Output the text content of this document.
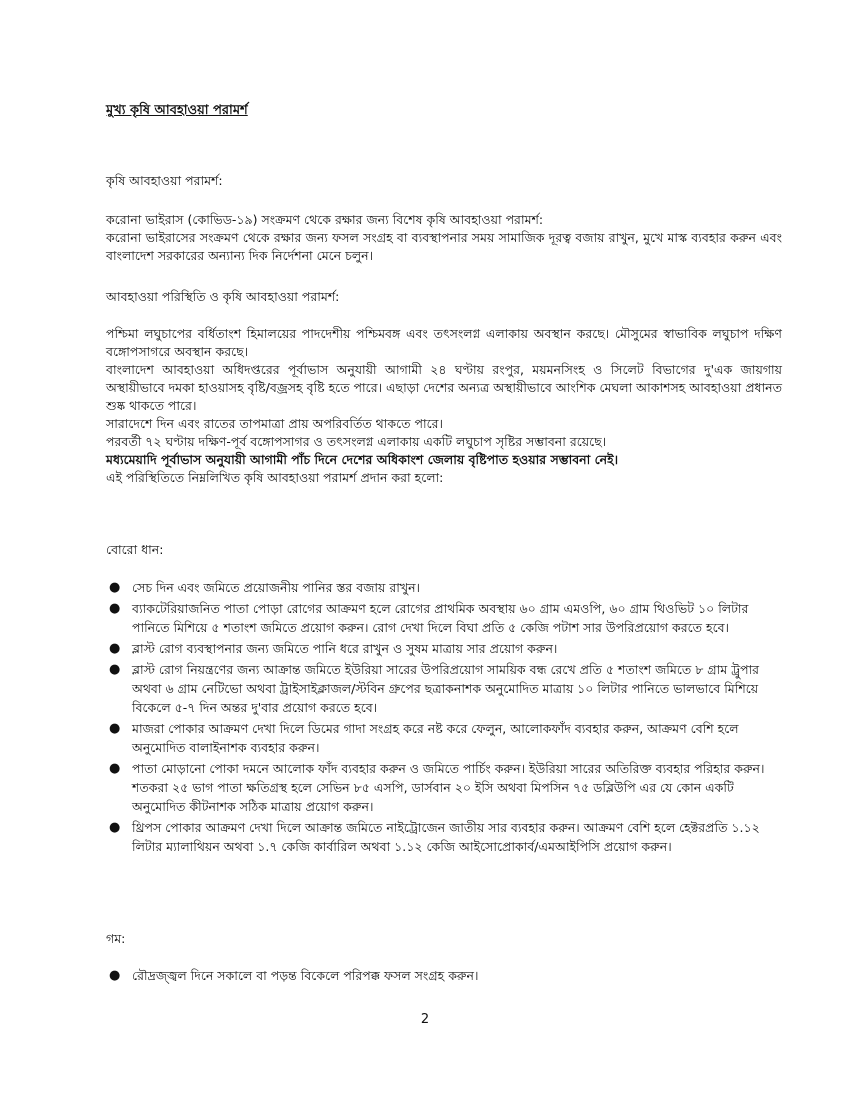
মুখ্য কৃষি আবহাওয়া পরামর্শ
কৃষি আবহাওয়া পরামর্শ:
করোনা ভাইরাস (কোভিড-১৯) সংক্রমণ থেকে রক্ষার জন্য বিশেষ কৃষি আবহাওয়া পরামর্শ:
করোনা ভাইরাসের সংক্রমণ থেকে রক্ষার জন্য ফসল সংগ্রহ বা ব্যবস্থাপনার সময় সামাজিক দূরত্ব বজায় রাখুন, মুখে মাস্ক ব্যবহার করুন এবং বাংলাদেশ সরকারের অন্যান্য দিক নির্দেশনা মেনে চলুন।
আবহাওয়া পরিস্থিতি ও কৃষি আবহাওয়া পরামর্শ:
পশ্চিমা লঘুচাপের বর্ধিতাংশ হিমালয়ের পাদদেশীয় পশ্চিমবঙ্গ এবং তৎসংলগ্ন এলাকায় অবস্থান করছে। মৌসুমের স্বাভাবিক লঘুচাপ দক্ষিণ বঙ্গোপসাগরে অবস্থান করছে।
বাংলাদেশ আবহাওয়া অধিদপ্তরের পূর্বাভাস অনুযায়ী আগামী ২৪ ঘণ্টায় রংপুর, ময়মনসিংহ ও সিলেট বিভাগের দু'এক জায়গায় অস্থায়ীভাবে দমকা হাওয়াসহ বৃষ্টি/বজ্রসহ বৃষ্টি হতে পারে। এছাড়া দেশের অন্যত্র অস্থায়ীভাবে আংশিক মেঘলা আকাশসহ আবহাওয়া প্রধানত শুষ্ক থাকতে পারে।
সারাদেশে দিন এবং রাতের তাপমাত্রা প্রায় অপরিবর্তিত থাকতে পারে।
পরবর্তী ৭২ ঘণ্টায় দক্ষিণ-পূর্ব বঙ্গোপসাগর ও তৎসংলগ্ন এলাকায় একটি লঘুচাপ সৃষ্টির সম্ভাবনা রয়েছে।
মধ্যমেয়াদি পূর্বাভাস অনুযায়ী আগামী পাঁচ দিনে দেশের অধিকাংশ জেলায় বৃষ্টিপাত হওয়ার সম্ভাবনা নেই।
এই পরিস্থিতিতে নিম্নলিখিত কৃষি আবহাওয়া পরামর্শ প্রদান করা হলো:
বোরো ধান:
● সেচ দিন এবং জমিতে প্রয়োজনীয় পানির স্তর বজায় রাখুন।
● ব্যাকটেরিয়াজনিত পাতা পোড়া রোগের আক্রমণ হলে রোগের প্রাথমিক অবস্থায় ৬০ গ্রাম এমওপি, ৬০ গ্রাম থিওভিট ১০ লিটার পানিতে মিশিয়ে ৫ শতাংশ জমিতে প্রয়োগ করুন। রোগ দেখা দিলে বিঘা প্রতি ৫ কেজি পটাশ সার উপরিপ্রয়োগ করতে হবে।
● ব্লাস্ট রোগ ব্যবস্থাপনার জন্য জমিতে পানি ধরে রাখুন ও সুষম মাত্রায় সার প্রয়োগ করুন।
● ব্লাস্ট রোগ নিয়ন্ত্রণের জন্য আক্রান্ত জমিতে ইউরিয়া সারের উপরিপ্রয়োগ সাময়িক বন্ধ রেখে প্রতি ৫ শতাংশ জমিতে ৮ গ্রাম ট্রুপার অথবা ৬ গ্রাম নেটিভো অথবা ট্রাইসাইক্লাজল/স্টবিন গ্রুপের ছত্রাকনাশক অনুমোদিত মাত্রায় ১০ লিটার পানিতে ভালভাবে মিশিয়ে বিকেলে ৫-৭ দিন অন্তর দু'বার প্রয়োগ করতে হবে।
● মাজরা পোকার আক্রমণ দেখা দিলে ডিমের গাদা সংগ্রহ করে নষ্ট করে ফেলুন, আলোকফাঁদ ব্যবহার করুন, আক্রমণ বেশি হলে অনুমোদিত বালাইনাশক ব্যবহার করুন।
● পাতা মোড়ানো পোকা দমনে আলোক ফাঁদ ব্যবহার করুন ও জমিতে পার্চিং করুন। ইউরিয়া সারের অতিরিক্ত ব্যবহার পরিহার করুন। শতকরা ২৫ ভাগ পাতা ক্ষতিগ্রস্থ হলে সেভিন ৮৫ এসপি, ডার্সবান ২০ ইসি অথবা মিপসিন ৭৫ ডব্লিউপি এর যে কোন একটি অনুমোদিত কীটনাশক সঠিক মাত্রায় প্রয়োগ করুন।
● থ্রিপস পোকার আক্রমণ দেখা দিলে আক্রান্ত জমিতে নাইট্রোজেন জাতীয় সার ব্যবহার করুন। আক্রমণ বেশি হলে হেক্টরপ্রতি ১.১২ লিটার ম্যালাথিয়ন অথবা ১.৭ কেজি কার্বারিল অথবা ১.১২ কেজি আইসোপ্রোকার্ব/এমআইপিসি প্রয়োগ করুন।
গম:
● রৌদ্রজ্জ্বল দিনে সকালে বা পড়ন্ত বিকেলে পরিপক্ক ফসল সংগ্রহ করুন।
2
